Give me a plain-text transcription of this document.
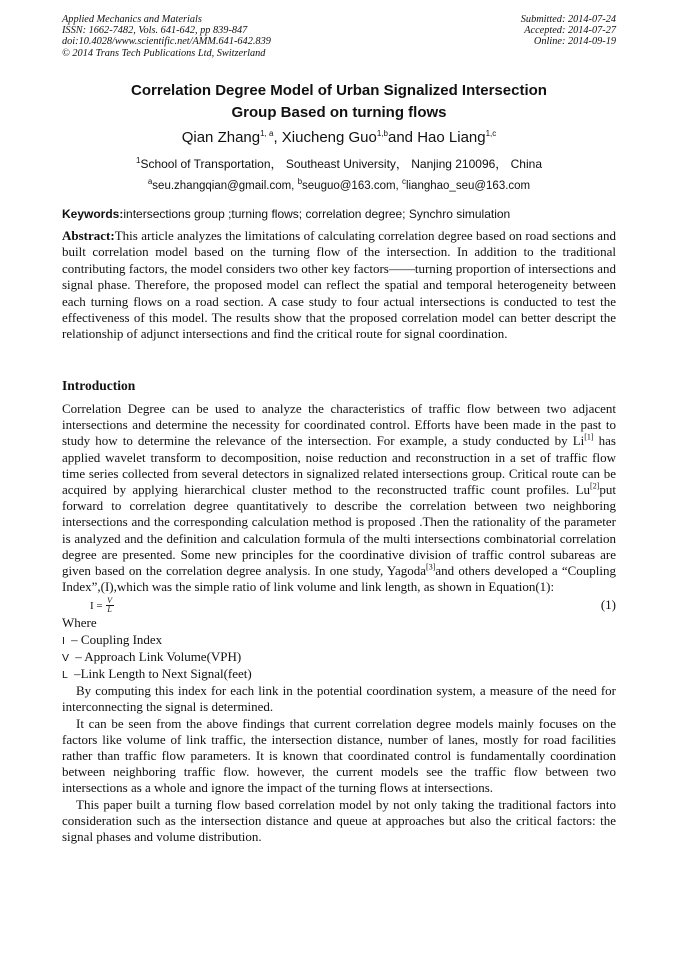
Applied Mechanics and Materials
ISSN: 1662-7482, Vols. 641-642, pp 839-847
doi:10.4028/www.scientific.net/AMM.641-642.839
© 2014 Trans Tech Publications Ltd, Switzerland
Submitted: 2014-07-24
Accepted: 2014-07-27
Online: 2014-09-19
Correlation Degree Model of Urban Signalized Intersection
Group Based on turning flows
Qian Zhang$^{1, a}$, Xiucheng Guo$^{1,b}$and Hao Liang$^{1,c}$
$^1$School of Transportation， Southeast University， Nanjing 210096， China
$^a$seu.zhangqian@gmail.com, $^b$seuguo@163.com, $^c$lianghao_seu@163.com
Keywords:intersections group ;turning flows; correlation degree; Synchro simulation
Abstract:This article analyzes the limitations of calculating correlation degree based on road sections and built correlation model based on the turning flow of the intersection. In addition to the traditional contributing factors, the model considers two other key factors——turning proportion of intersections and signal phase. Therefore, the proposed model can reflect the spatial and temporal heterogeneity between each turning flows on a road section. A case study to four actual intersections is conducted to test the effectiveness of this model. The results show that the proposed correlation model can better descript the relationship of adjunct intersections and find the critical route for signal coordination.
Introduction

Correlation Degree can be used to analyze the characteristics of traffic flow between two adjacent intersections and determine the necessity for coordinated control. Efforts have been made in the past to study how to determine the relevance of the intersection. For example, a study conducted by Li[1] has applied wavelet transform to decomposition, noise reduction and reconstruction in a set of traffic flow time series collected from several detectors in signalized related intersections group. Critical route can be acquired by applying hierarchical cluster method to the reconstructed traffic count profiles. Lu[2]put forward to correlation degree quantitatively to describe the correlation between two neighboring intersections and the corresponding calculation method is proposed .Then the rationality of the parameter is analyzed and the definition and calculation formula of the multi intersections combinatorial correlation degree are presented. Some new principles for the coordinative division of traffic control subareas are given based on the correlation degree analysis. In one study, Yagoda[3]and others developed a “Coupling Index”,(I),which was the simple ratio of link volume and link length, as shown in Equation(1):

$I = \frac{V}{L}$	(1)

Where

I – Coupling Index

V – Approach Link Volume(VPH)

L –Link Length to Next Signal(feet)

By computing this index for each link in the potential coordination system, a measure of the need for interconnecting the signal is determined.

It can be seen from the above findings that current correlation degree models mainly focuses on the factors like volume of link traffic, the intersection distance, number of lanes, mostly for road facilities rather than traffic flow parameters. It is known that coordinated control is fundamentally coordination between neighboring traffic flow. however, the current models see the traffic flow between two intersections as a whole and ignore the impact of the turning flows at intersections.

This paper built a turning flow based correlation model by not only taking the traditional factors into consideration such as the intersection distance and queue at approaches but also the critical factors: the signal phases and volume distribution.
